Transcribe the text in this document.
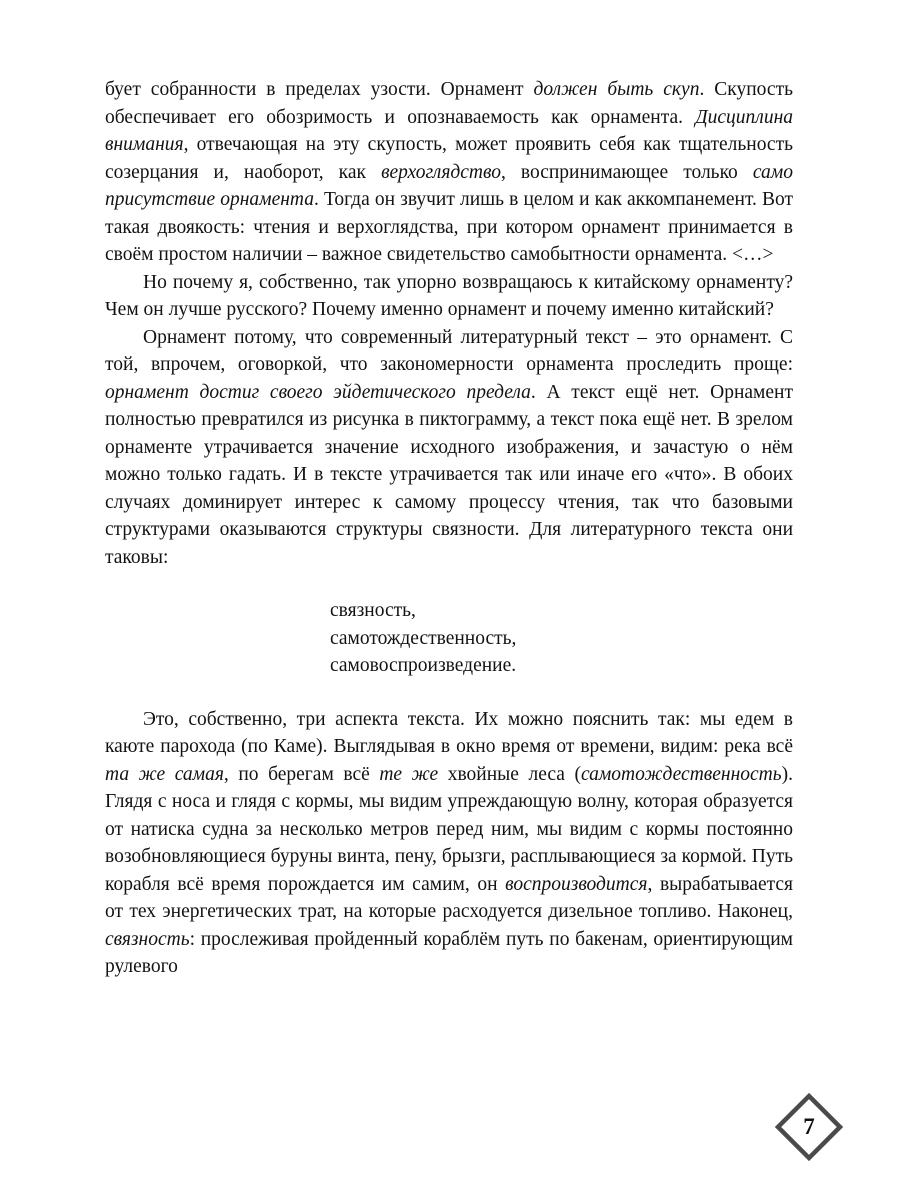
бует собранности в пределах узости. Орнамент должен быть скуп. Скупость обеспечивает его обозримость и опознаваемость как орнамента. Дисциплина внимания, отвечающая на эту скупость, может проявить себя как тщательность созерцания и, наоборот, как верхоглядство, воспринимающее только само присутствие орнамента. Тогда он звучит лишь в целом и как аккомпанемент. Вот такая двоякость: чтения и верхоглядства, при котором орнамент принимается в своём простом наличии – важное свидетельство самобытности орнамента. <…>

Но почему я, собственно, так упорно возвращаюсь к китайскому орнаменту? Чем он лучше русского? Почему именно орнамент и почему именно китайский?

Орнамент потому, что современный литературный текст – это орнамент. С той, впрочем, оговоркой, что закономерности орнамента проследить проще: орнамент достиг своего эйдетического предела. А текст ещё нет. Орнамент полностью превратился из рисунка в пиктограмму, а текст пока ещё нет. В зрелом орнаменте утрачивается значение исходного изображения, и зачастую о нём можно только гадать. И в тексте утрачивается так или иначе его «что». В обоих случаях доминирует интерес к самому процессу чтения, так что базовыми структурами оказываются структуры связности. Для литературного текста они таковы:

связность,
самотождественность,
самовоспроизведение.

Это, собственно, три аспекта текста. Их можно пояснить так: мы едем в каюте парохода (по Каме). Выглядывая в окно время от времени, видим: река всё та же самая, по берегам всё те же хвойные леса (самотождественность). Глядя с носа и глядя с кормы, мы видим упреждающую волну, которая образуется от натиска судна за несколько метров перед ним, мы видим с кормы постоянно возобновляющиеся буруны винта, пену, брызги, расплывающиеся за кормой. Путь корабля всё время порождается им самим, он воспроизводится, вырабатывается от тех энергетических трат, на которые расходуется дизельное топливо. Наконец, связность: прослеживая пройденный кораблём путь по бакенам, ориентирующим рулевого

7
